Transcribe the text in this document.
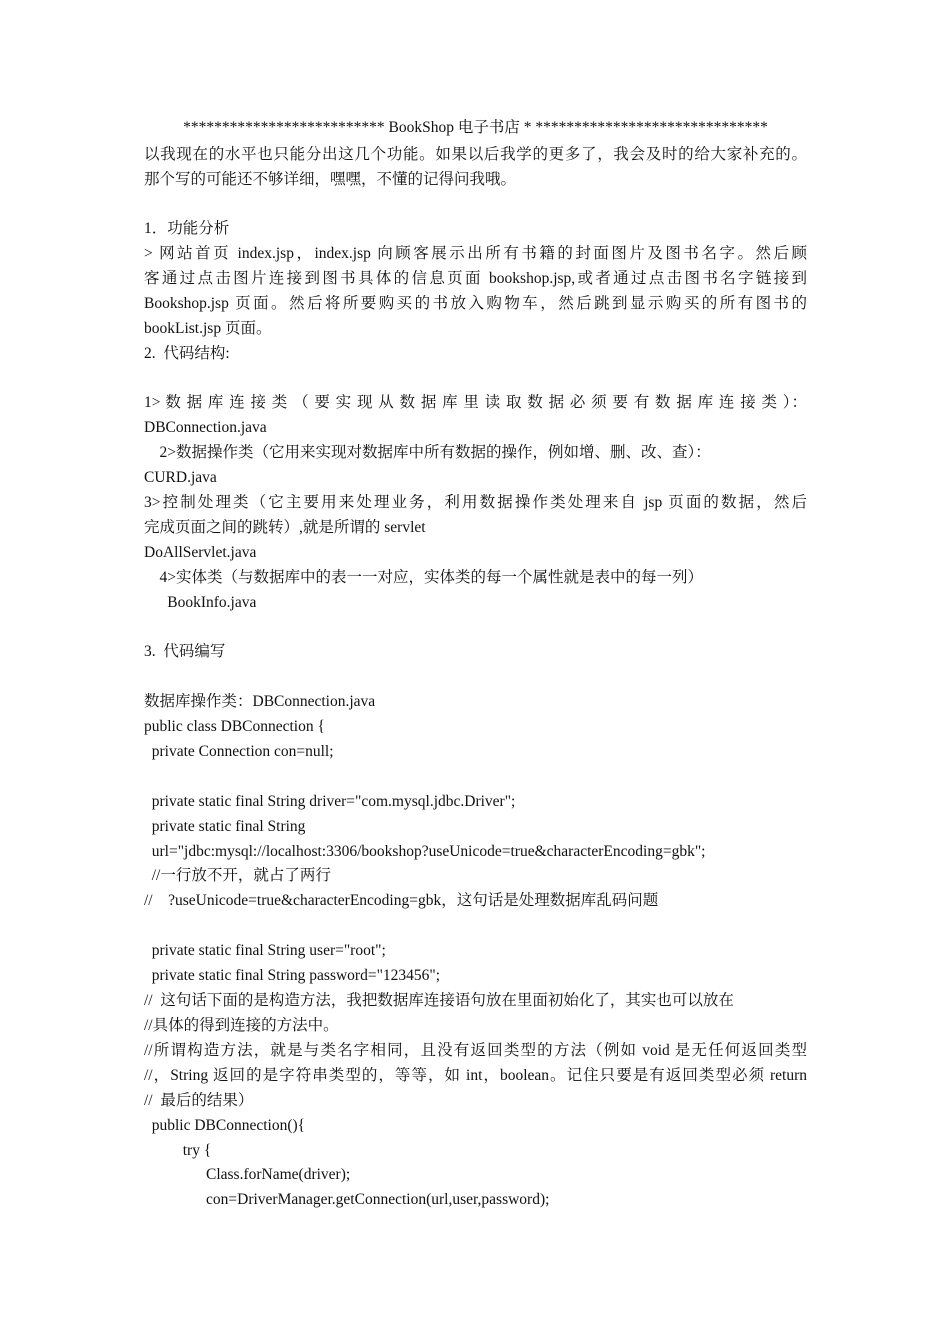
************************** BookShop 电子书店 * ******************************
以我现在的水平也只能分出这几个功能。如果以后我学的更多了，我会及时的给大家补充的。
那个写的可能还不够详细，嘿嘿，不懂的记得问我哦。
1．功能分析
> 网站首页 index.jsp，index.jsp 向顾客展示出所有书籍的封面图片及图书名字。然后顾
客通过点击图片连接到图书具体的信息页面 bookshop.jsp,或者通过点击图书名字链接到
Bookshop.jsp 页面。然后将所要购买的书放入购物车，然后跳到显示购买的所有图书的
bookList.jsp 页面。
2.  代码结构:
1> 数 据 库 连 接 类 （ 要 实 现 从 数 据 库 里 读 取 数 据 必 须 要 有 数 据 库 连 接 类 ）：
DBConnection.java
2>数据操作类（它用来实现对数据库中所有数据的操作，例如增、删、改、查）：
CURD.java
3>控制处理类（它主要用来处理业务，利用数据操作类处理来自 jsp 页面的数据，然后
完成页面之间的跳转）,就是所谓的 servlet
DoAllServlet.java
4>实体类（与数据库中的表一一对应，实体类的每一个属性就是表中的每一列）
BookInfo.java
3.  代码编写
数据库操作类：DBConnection.java
public class DBConnection {
private Connection con=null;
private static final String driver="com.mysql.jdbc.Driver";
private static final String
url="jdbc:mysql://localhost:3306/bookshop?useUnicode=true&characterEncoding=gbk";
//一行放不开，就占了两行
//    ?useUnicode=true&characterEncoding=gbk，这句话是处理数据库乱码问题
private static final String user="root";
private static final String password="123456";
//  这句话下面的是构造方法，我把数据库连接语句放在里面初始化了，其实也可以放在
//具体的得到连接的方法中。
//所谓构造方法，就是与类名字相同，且没有返回类型的方法（例如 void 是无任何返回类型
//，String 返回的是字符串类型的，等等，如 int，boolean。记住只要是有返回类型必须 return
//  最后的结果）
public DBConnection(){
try {
Class.forName(driver);
con=DriverManager.getConnection(url,user,password);
